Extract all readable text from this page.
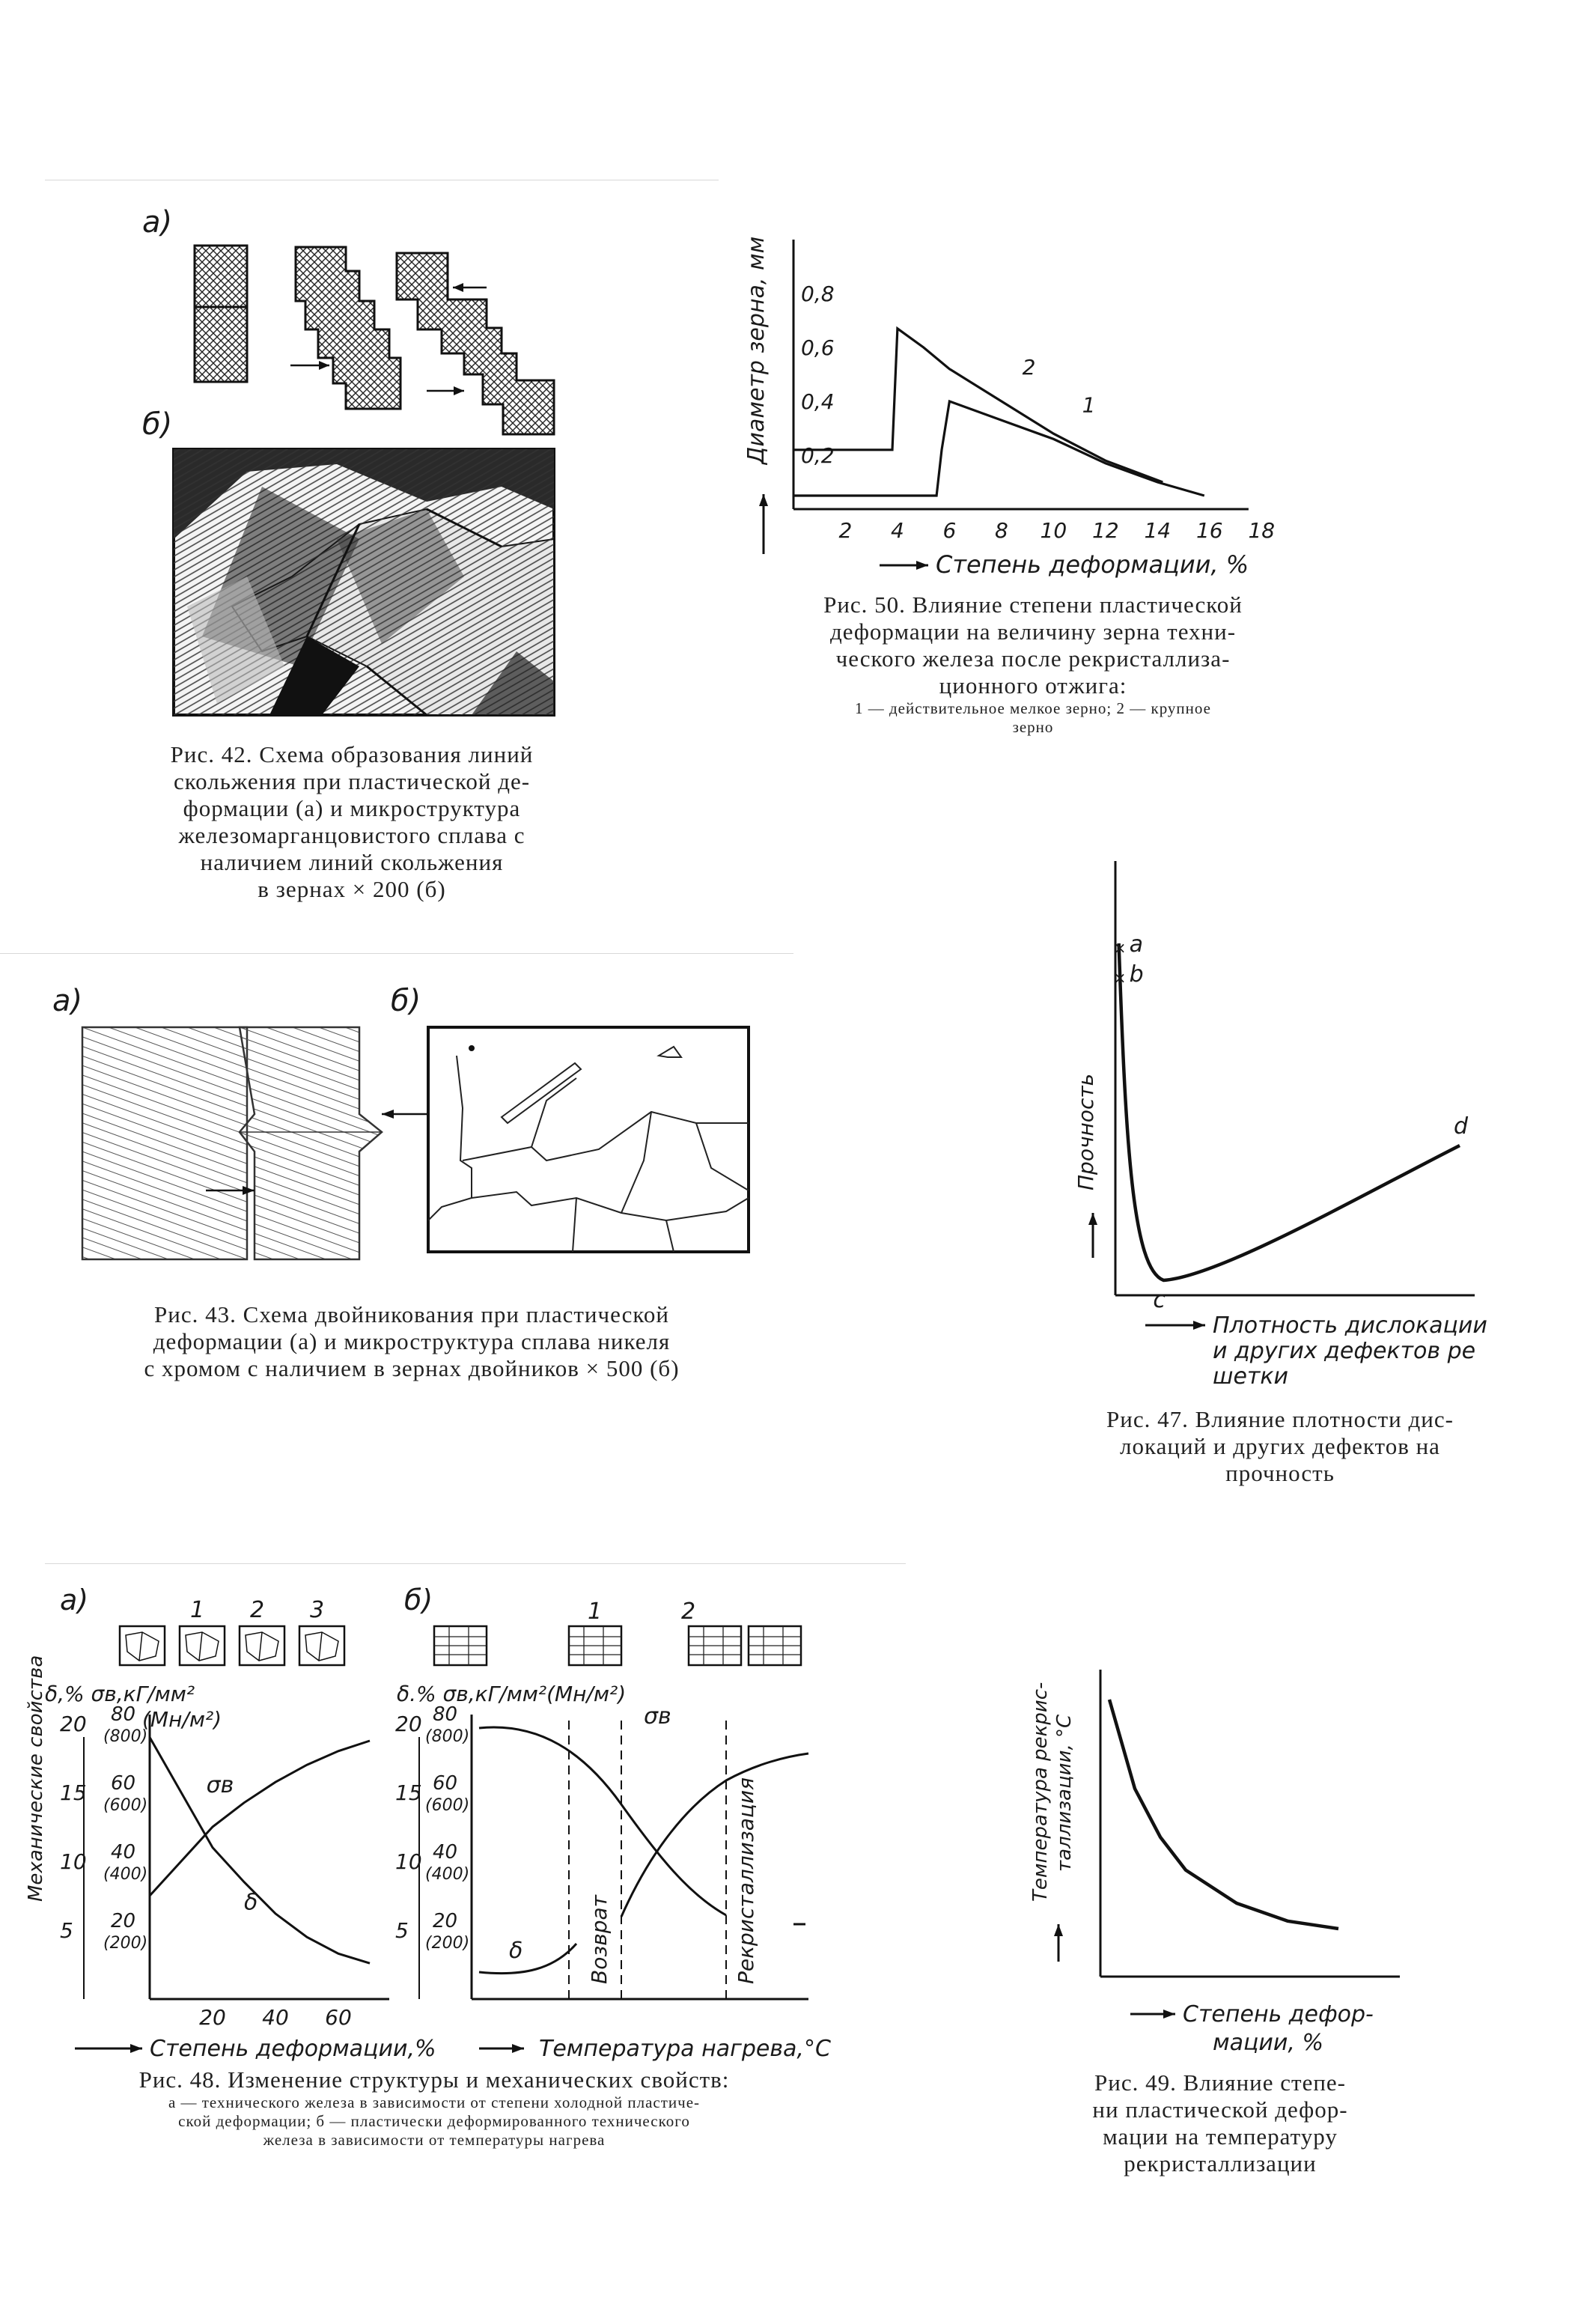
а)
б)
Рис. 42. Схема образования линий
скольжения при пластической де-
формации (а) и микроструктура
железомарганцовистого сплава с
наличием линий скольжения
в зернах × 200 (б)
2 4 6 8 10 12 14 16 18
0,2
0,4
0,6
0,8
Диаметр зерна, мм
Степень деформации, %
2
1
Рис. 50. Влияние степени пластической
деформации на величину зерна техни-
ческого железа после рекристаллиза-
ционного отжига:
1 — действительное мелкое зерно; 2 — крупное
зерно
а)	б)
Рис. 43. Схема двойникования при пластической
деформации (а) и микроструктура сплава никеля
с хромом с наличием в зернах двойников × 500 (б)
Прочность
Плотность дислокации
и других дефектов ре
шетки
a
×
b
×
c
d
Рис. 47. Влияние плотности дис-
локаций и других дефектов на
прочность
а)	б)
1 2 3	1	2
δ,% σв,кГ/мм²
(Мн/м²)
20
15
10
5
80
(800)
60
(600)
40
(400)
20
(200)
20 40 60
Механические свойства
Степень деформации,%
σв
δ
δ.% σв,кГ/мм²(Мн/м²)
20
15
10
5
80
(800)
60
(600)
40
(400)
20
(200)
σв
δ	Возврат	Рекристаллизация
Температура нагрева,°С
Рис. 48. Изменение структуры и механических свойств:
а — технического железа в зависимости от степени холодной пластиче-
ской деформации; б — пластически деформированного технического
железа в зависимости от температуры нагрева
Температура рекрис- таллизации, °С
Степень дефор-
мации, %
Рис. 49. Влияние степе-
ни пластической дефор-
мации на температуру
рекристаллизации
